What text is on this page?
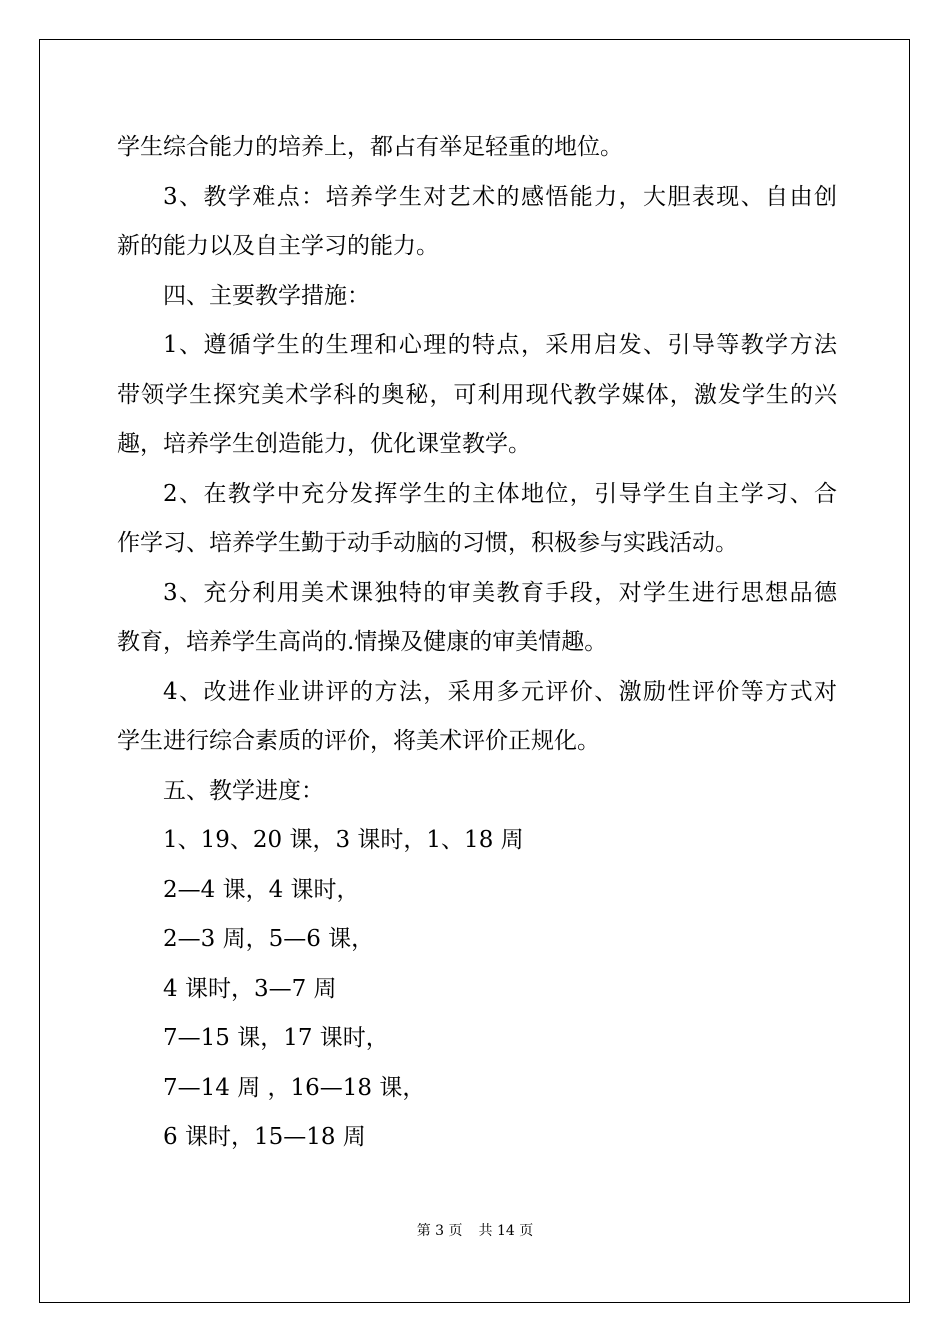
学生综合能力的培养上，都占有举足轻重的地位。

3、教学难点：培养学生对艺术的感悟能力，大胆表现、自由创

新的能力以及自主学习的能力。

四、主要教学措施：

1、遵循学生的生理和心理的特点，采用启发、引导等教学方法

带领学生探究美术学科的奥秘，可利用现代教学媒体，激发学生的兴

趣，培养学生创造能力，优化课堂教学。

2、在教学中充分发挥学生的主体地位，引导学生自主学习、合

作学习、培养学生勤于动手动脑的习惯，积极参与实践活动。

3、充分利用美术课独特的审美教育手段，对学生进行思想品德

教育，培养学生高尚的.情操及健康的审美情趣。

4、改进作业讲评的方法，采用多元评价、激励性评价等方式对

学生进行综合素质的评价，将美术评价正规化。

五、教学进度：

1、19、20 课，3 课时，1、18 周

2—4 课，4 课时，

2—3 周，5—6 课，

4 课时，3—7 周

7—15 课，17 课时，

7—14 周 ，16—18 课，

6 课时，15—18 周

第 3 页 共 14 页
